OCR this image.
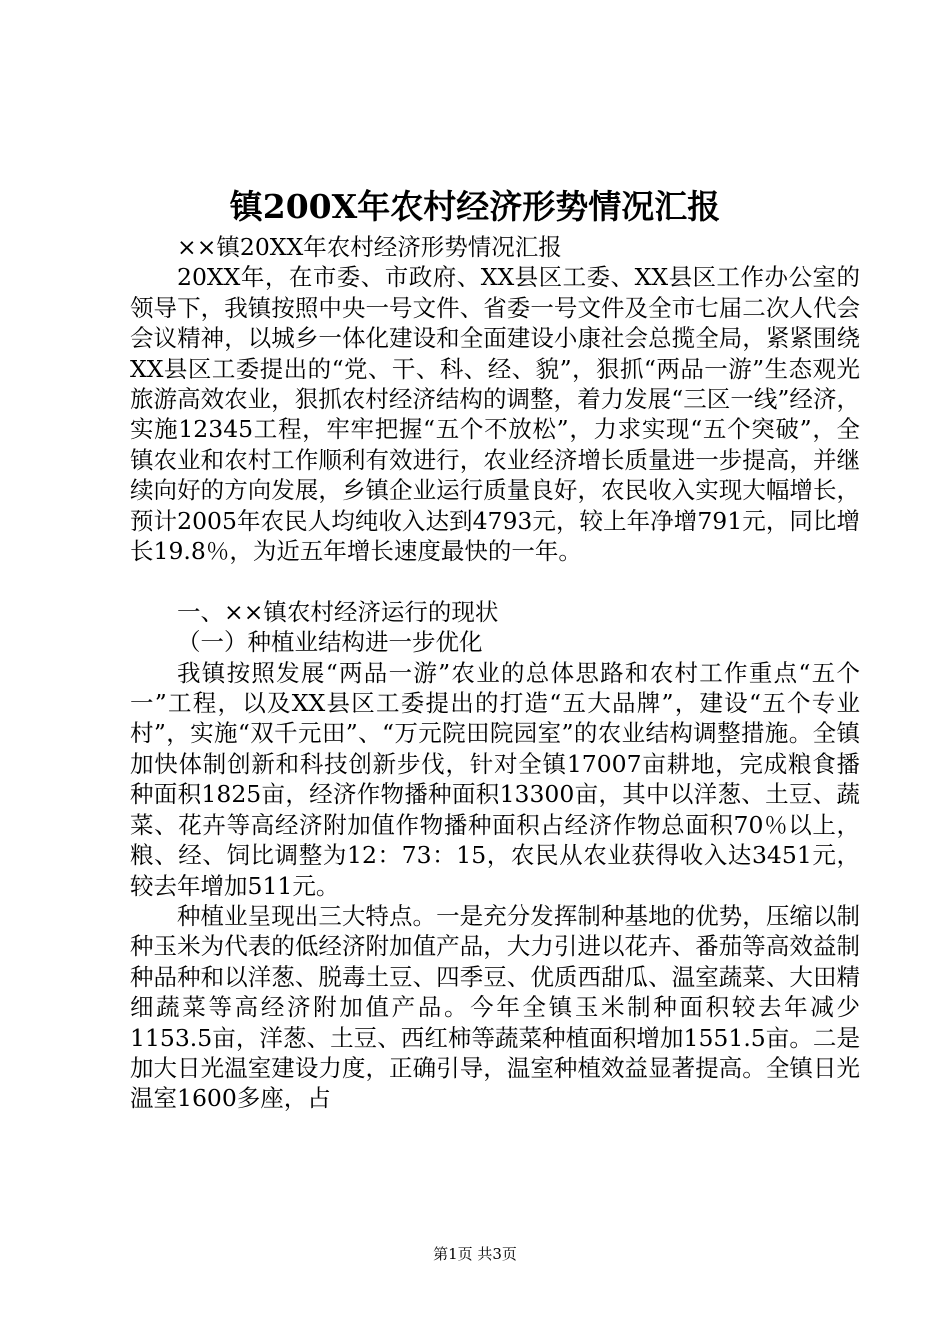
镇200X年农村经济形势情况汇报

××镇20XX年农村经济形势情况汇报

20XX年，在市委、市政府、XX县区工委、XX县区工作办公室的领导下，我镇按照中央一号文件、省委一号文件及全市七届二次人代会会议精神，以城乡一体化建设和全面建设小康社会总揽全局，紧紧围绕XX县区工委提出的“党、干、科、经、貌”，狠抓“两品一游”生态观光旅游高效农业，狠抓农村经济结构的调整，着力发展“三区一线”经济，实施12345工程，牢牢把握“五个不放松”，力求实现“五个突破”，全镇农业和农村工作顺利有效进行，农业经济增长质量进一步提高，并继续向好的方向发展，乡镇企业运行质量良好，农民收入实现大幅增长，预计2005年农民人均纯收入达到4793元，较上年净增791元，同比增长19.8％，为近五年增长速度最快的一年。

一、××镇农村经济运行的现状

（一）种植业结构进一步优化

我镇按照发展“两品一游”农业的总体思路和农村工作重点“五个一”工程，以及XX县区工委提出的打造“五大品牌”，建设“五个专业村”，实施“双千元田”、“万元院田院园室”的农业结构调整措施。全镇加快体制创新和科技创新步伐，针对全镇17007亩耕地，完成粮食播种面积1825亩，经济作物播种面积13300亩，其中以洋葱、土豆、蔬菜、花卉等高经济附加值作物播种面积占经济作物总面积70％以上，粮、经、饲比调整为12：73：15，农民从农业获得收入达3451元，较去年增加511元。

种植业呈现出三大特点。一是充分发挥制种基地的优势，压缩以制种玉米为代表的低经济附加值产品，大力引进以花卉、番茄等高效益制种品种和以洋葱、脱毒土豆、四季豆、优质西甜瓜、温室蔬菜、大田精细蔬菜等高经济附加值产品。今年全镇玉米制种面积较去年减少1153.5亩，洋葱、土豆、西红柿等蔬菜种植面积增加1551.5亩。二是加大日光温室建设力度，正确引导，温室种植效益显著提高。全镇日光温室1600多座，占

第1页 共3页
